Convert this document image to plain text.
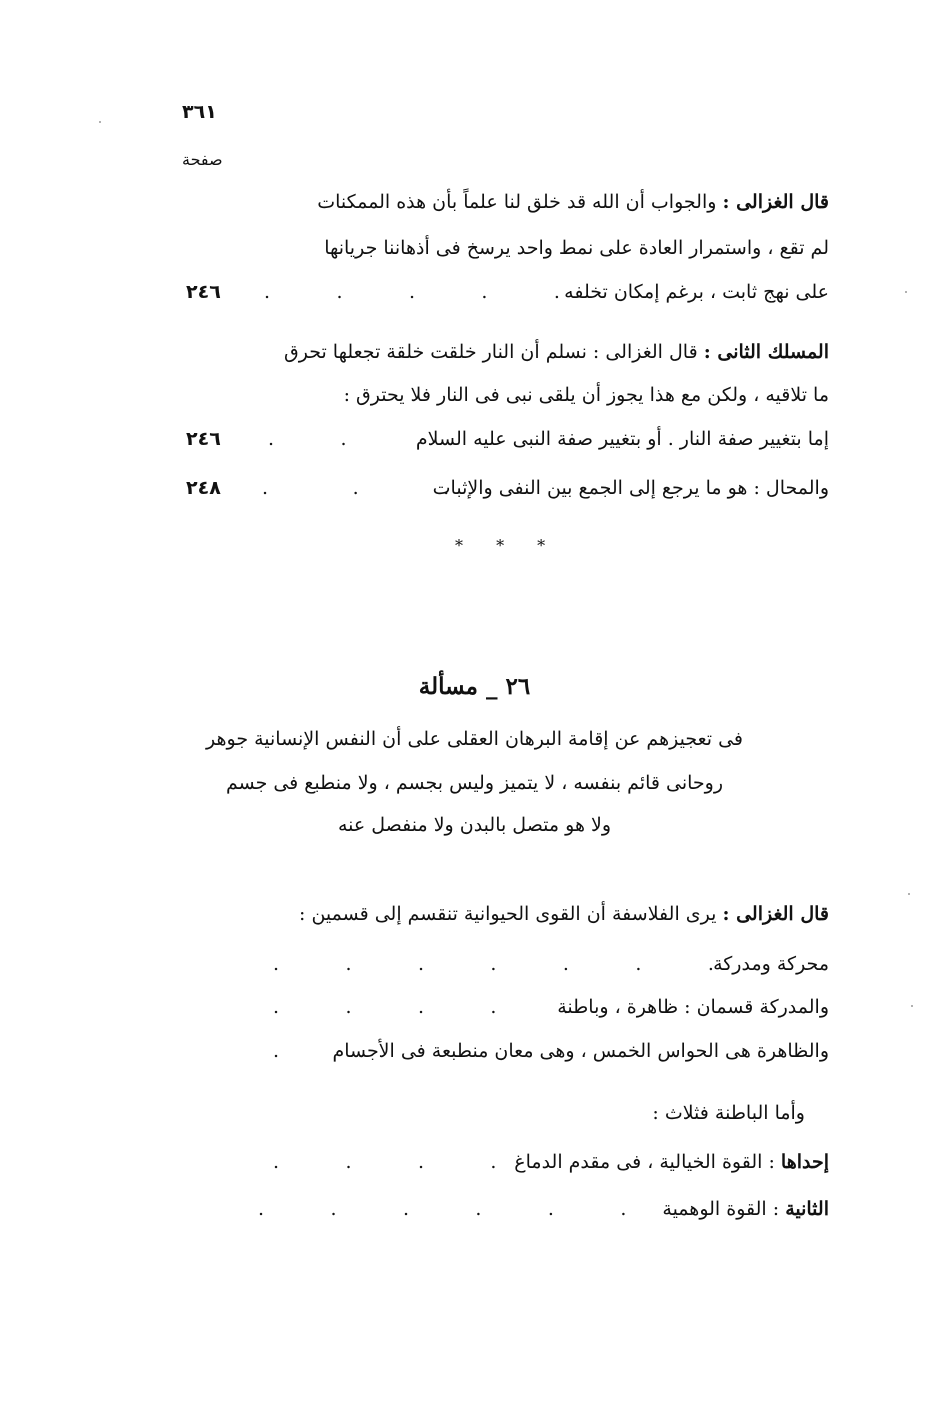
٣٦١
صفحة
قال الغزالى : والجواب أن الله قد خلق لنا علماً بأن هذه الممكنات
لم تقع ، واستمرار العادة على نمط واحد يرسخ فى أذهاننا جريانها
على نهج ثابت ، برغم إمكان تخلفه
.           .           .           .           .
٢٤٦
المسلك الثانى : قال الغزالى : نسلم أن النار خلقت خلقة تجعلها تحرق
ما تلاقيه ، ولكن مع هذا يجوز أن يلقى نبى فى النار فلا يحترق :
إما بتغيير صفة النار . أو بتغيير صفة النبى عليه السلام
.           .
٢٤٦
والمحال : هو ما يرجع إلى الجمع بين النفى والإثبات
.              .              .
٢٤٨
* * *
٢٦ _ مسألة
فى تعجيزهم عن إقامة البرهان العقلى على أن النفس الإنسانية جوهر
روحانى قائم بنفسه ، لا يتميز وليس بجسم ، ولا منطبع فى جسم
ولا هو متصل بالبدن ولا منفصل عنه
قال الغزالى : يرى الفلاسفة أن القوى الحيوانية تنقسم إلى قسمين :
محركة ومدركة
.           .           .           .           .           .           .
والمدركة قسمان : ظاهرة ، وباطنة
.           .           .           .           .
والظاهرة هى الحواس الخمس ، وهى معان منطبعة فى الأجسام
.
وأما الباطنة فثلاث :
إحداها : القوة الخيالية ، فى مقدم الدماغ
.           .           .           .
الثانية : القوة الوهمية
.           .           .           .           .           .
